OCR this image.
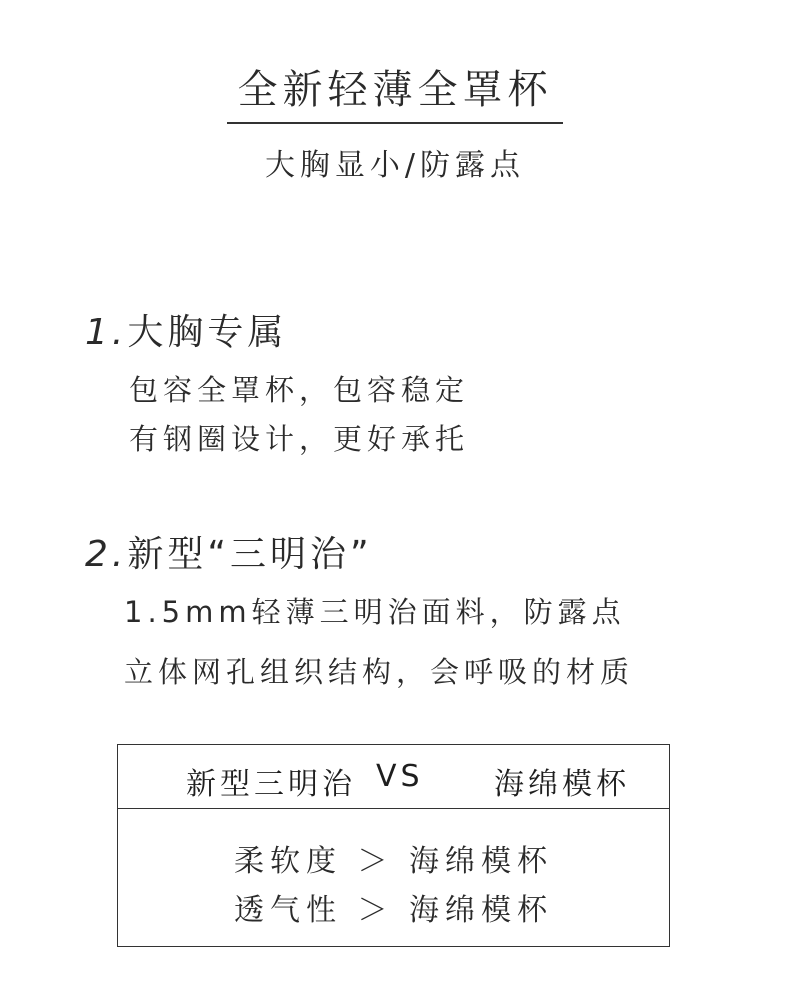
全新轻薄全罩杯
大胸显小/防露点
1.大胸专属
包容全罩杯，包容稳定
有钢圈设计，更好承托
2.新型“三明治”
1.5mm轻薄三明治面料，防露点
立体网孔组织结构，会呼吸的材质
新型三明治 VS 海绵模杯
柔软度 ＞ 海绵模杯
透气性 ＞ 海绵模杯
